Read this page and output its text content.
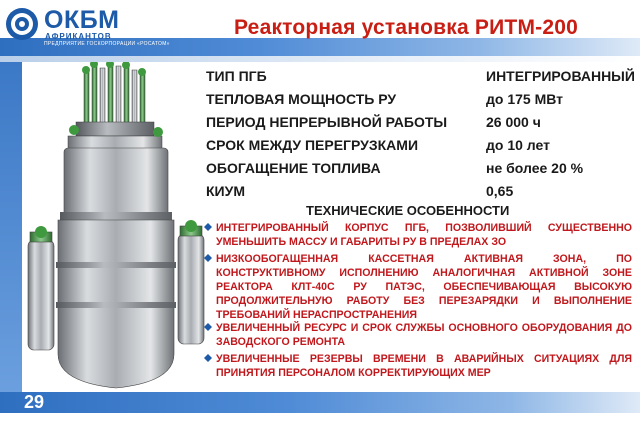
ОКБМ
АФРИКАНТОВ
ПРЕДПРИЯТИЕ ГОСКОРПОРАЦИИ «РОСАТОМ»
Реакторная установка РИТМ-200
ТИП ПГБ	ИНТЕГРИРОВАННЫЙ
ТЕПЛОВАЯ МОЩНОСТЬ РУ	до 175 МВт
ПЕРИОД НЕПРЕРЫВНОЙ РАБОТЫ	26 000 ч
СРОК МЕЖДУ ПЕРЕГРУЗКАМИ	до 10 лет
ОБОГАЩЕНИЕ ТОПЛИВА	не более 20 %
КИУМ	0,65
ТЕХНИЧЕСКИЕ ОСОБЕННОСТИ
ИНТЕГРИРОВАННЫЙ КОРПУС ПГБ, ПОЗВОЛИВШИЙ СУЩЕСТВЕННО УМЕНЬШИТЬ МАССУ И ГАБАРИТЫ РУ В ПРЕДЕЛАХ ЗО
НИЗКООБОГАЩЕННАЯ КАССЕТНАЯ АКТИВНАЯ ЗОНА, ПО КОНСТРУКТИВНОМУ ИСПОЛНЕНИЮ АНАЛОГИЧНАЯ АКТИВНОЙ ЗОНЕ РЕАКТОРА КЛТ-40С РУ ПАТЭС, ОБЕСПЕЧИВАЮЩАЯ ВЫСОКУЮ ПРОДОЛЖИТЕЛЬНУЮ РАБОТУ БЕЗ ПЕРЕЗАРЯДКИ И ВЫПОЛНЕНИЕ ТРЕБОВАНИЙ НЕРАСПРОСТРАНЕНИЯ
УВЕЛИЧЕННЫЙ РЕСУРС И СРОК СЛУЖБЫ ОСНОВНОГО ОБОРУДОВАНИЯ ДО ЗАВОДСКОГО РЕМОНТА
УВЕЛИЧЕННЫЕ РЕЗЕРВЫ ВРЕМЕНИ В АВАРИЙНЫХ СИТУАЦИЯХ ДЛЯ ПРИНЯТИЯ ПЕРСОНАЛОМ КОРРЕКТИРУЮЩИХ МЕР
29
